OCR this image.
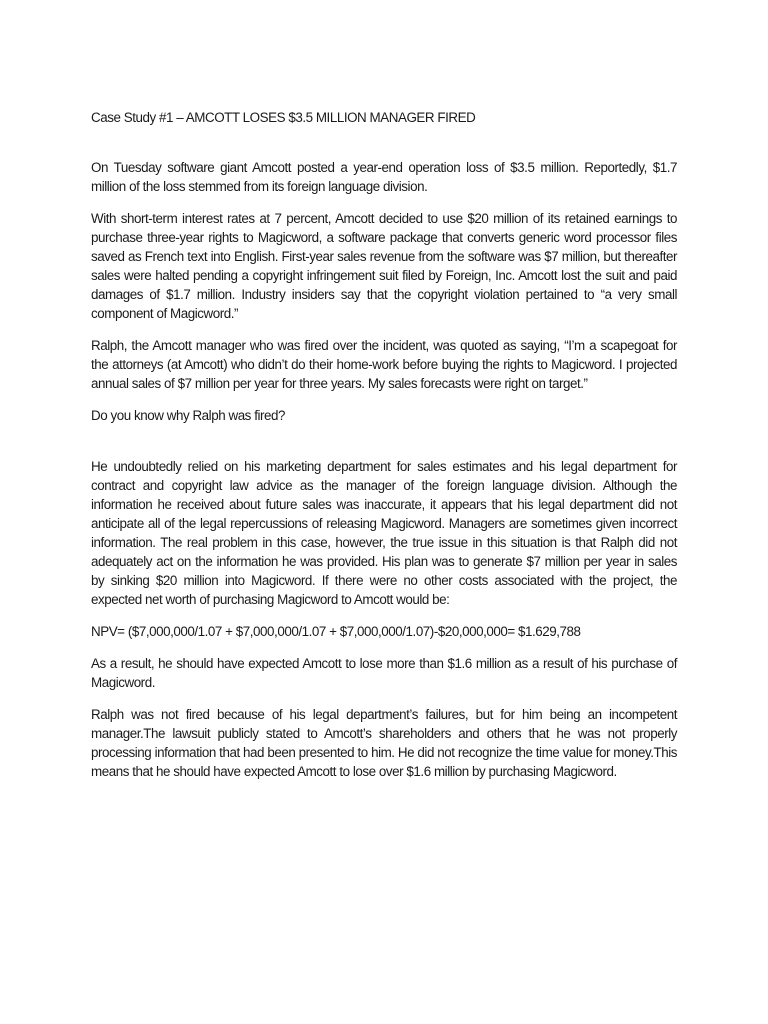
Case Study #1 – AMCOTT LOSES $3.5 MILLION MANAGER FIRED

On Tuesday software giant Amcott posted a year-end operation loss of $3.5 million. Reportedly, $1.7 million of the loss stemmed from its foreign language division.

With short-term interest rates at 7 percent, Amcott decided to use $20 million of its retained earnings to purchase three-year rights to Magicword, a software package that converts generic word processor files saved as French text into English. First-year sales revenue from the software was $7 million, but thereafter sales were halted pending a copyright infringement suit filed by Foreign, Inc. Amcott lost the suit and paid damages of $1.7 million. Industry insiders say that the copyright violation pertained to “a very small component of Magicword.”

Ralph, the Amcott manager who was fired over the incident, was quoted as saying, “I’m a scapegoat for the attorneys (at Amcott) who didn’t do their home-work before buying the rights to Magicword. I projected annual sales of $7 million per year for three years. My sales forecasts were right on target.”

Do you know why Ralph was fired?

He undoubtedly relied on his marketing department for sales estimates and his legal department for contract and copyright law advice as the manager of the foreign language division. Although the information he received about future sales was inaccurate, it appears that his legal department did not anticipate all of the legal repercussions of releasing Magicword. Managers are sometimes given incorrect information. The real problem in this case, however, the true issue in this situation is that Ralph did not adequately act on the information he was provided. His plan was to generate $7 million per year in sales by sinking $20 million into Magicword. If there were no other costs associated with the project, the expected net worth of purchasing Magicword to Amcott would be:

NPV= ($7,000,000/1.07 + $7,000,000/1.07 + $7,000,000/1.07)-$20,000,000= $1.629,788

As a result, he should have expected Amcott to lose more than $1.6 million as a result of his purchase of Magicword.

Ralph was not fired because of his legal department’s failures, but for him being an incompetent manager.The lawsuit publicly stated to Amcott’s shareholders and others that he was not properly processing information that had been presented to him. He did not recognize the time value for money.This means that he should have expected Amcott to lose over $1.6 million by purchasing Magicword.
